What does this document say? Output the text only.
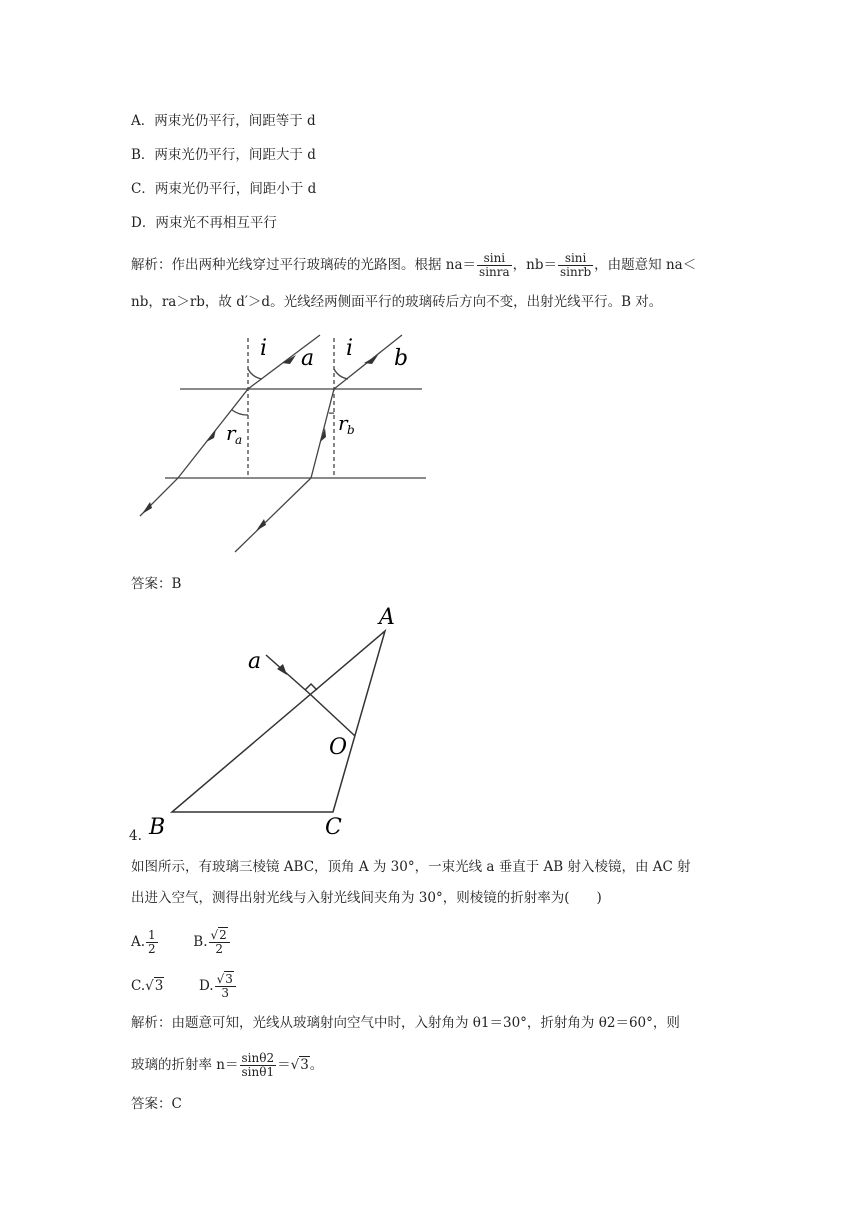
A．两束光仍平行，间距等于 d
B．两束光仍平行，间距大于 d
C．两束光仍平行，间距小于 d
D．两束光不再相互平行
解析：作出两种光线穿过平行玻璃砖的光路图。根据 $na= \frac{\sin i}{\text{sinra}}$ ，$nb= \frac{\sin i}{\text{sinrb}}$ ，由题意知 na＜
nb，ra＞rb，故 d′＞d。光线经两侧面平行的玻璃砖后方向不变，出射光线平行。B 对。
i a i b
r a
r b
答案：B
A
B	C
O
a
4.
如图所示，有玻璃三棱镜 ABC，顶角 A 为 30°，一束光线 a 垂直于 AB 射入棱镜，由 AC 射
出进入空气，测得出射光线与入射光线间夹角为 30°，则棱镜的折射率为(　　)
A. $\frac{1}{2}$	B. $\frac{√2}{2}$
C.√3	D. $\frac{√3}{3}$
解析：由题意可知，光线从玻璃射向空气中时，入射角为 θ1＝30°，折射角为 θ2＝60°，则
玻璃的折射率 $n= \frac{\sin\theta 2}{\sin\theta 1} =√3$。
答案：C
